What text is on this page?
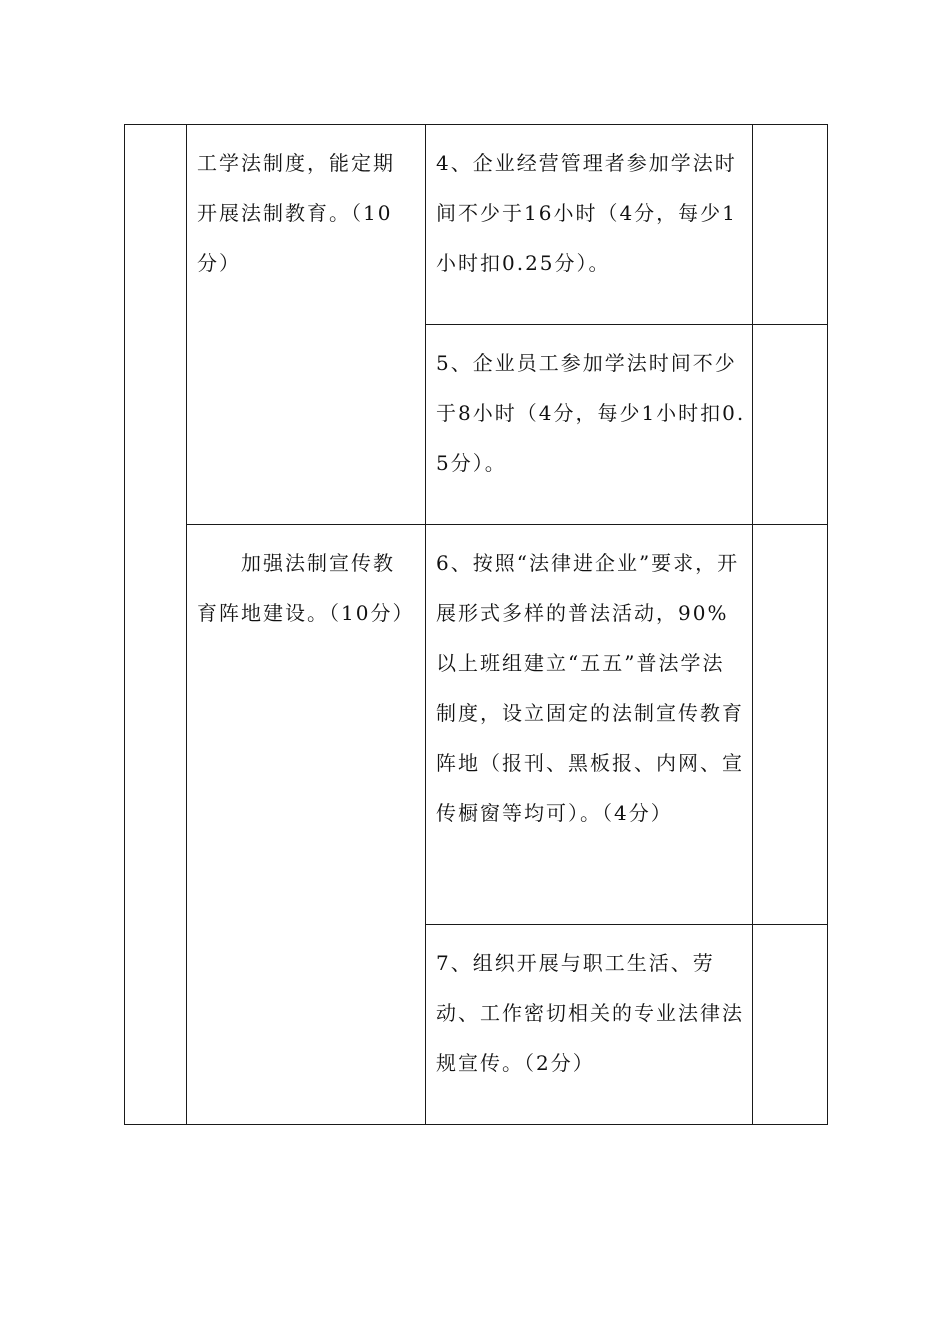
	工学法制度，能定期开展法制教育。（10分）	4、企业经营管理者参加学法时间不少于16小时（4分，每少1小时扣0.25分）。	

		5、企业员工参加学法时间不少于8小时（4分，每少1小时扣0.5分）。	

	加强法制宣传教育阵地建设。（10分）	6、按照“法律进企业”要求，开展形式多样的普法活动，90%以上班组建立“五五”普法学法制度，设立固定的法制宣传教育阵地（报刊、黑板报、内网、宣传橱窗等均可）。（4分）	

		7、组织开展与职工生活、劳动、工作密切相关的专业法律法规宣传。（2分）	
